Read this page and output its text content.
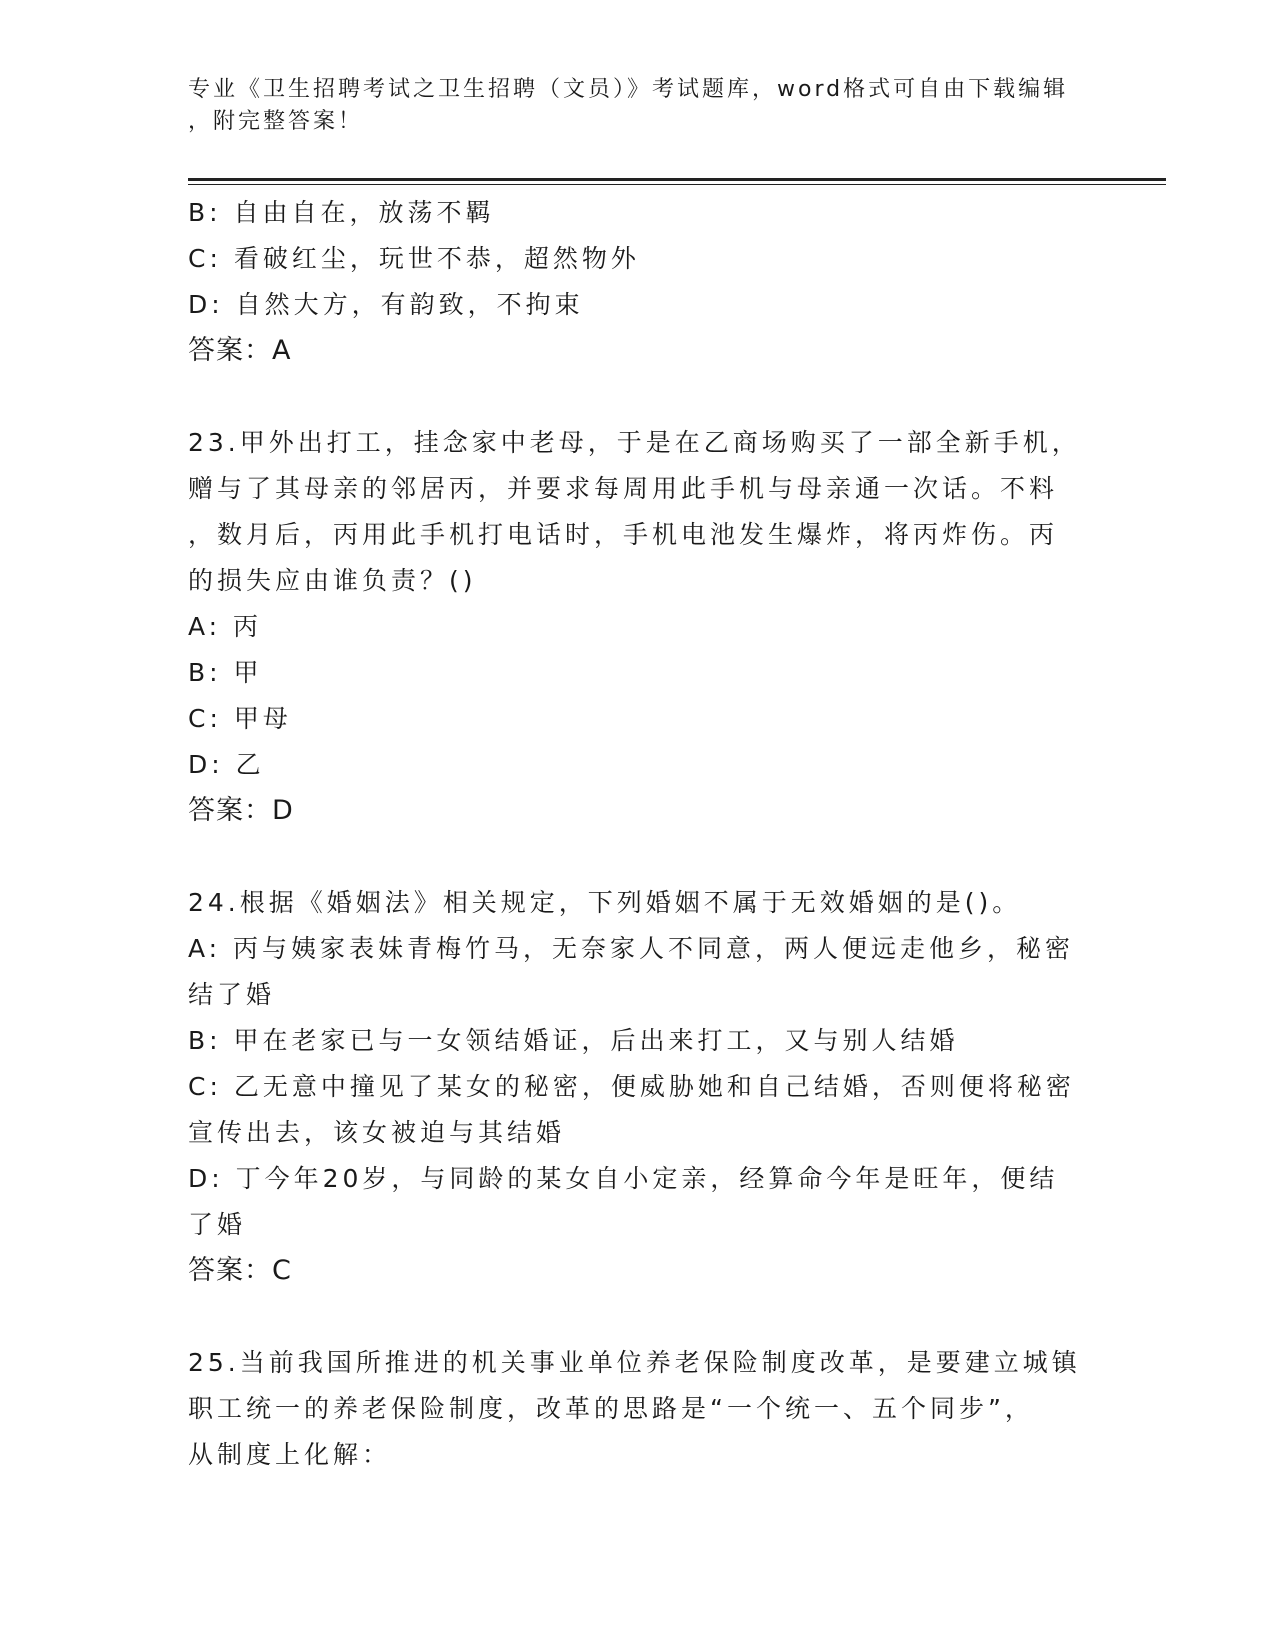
专业《卫生招聘考试之卫生招聘（文员）》考试题库，word格式可自由下载编辑
，附完整答案！

B: 自由自在，放荡不羁

C: 看破红尘，玩世不恭，超然物外

D: 自然大方，有韵致，不拘束

答案：A

23.甲外出打工，挂念家中老母，于是在乙商场购买了一部全新手机，

赠与了其母亲的邻居丙，并要求每周用此手机与母亲通一次话。不料

，数月后，丙用此手机打电话时，手机电池发生爆炸，将丙炸伤。丙

的损失应由谁负责？()

A: 丙

B: 甲

C: 甲母

D: 乙

答案：D

24.根据《婚姻法》相关规定，下列婚姻不属于无效婚姻的是()。

A: 丙与姨家表妹青梅竹马，无奈家人不同意，两人便远走他乡，秘密

结了婚

B: 甲在老家已与一女领结婚证，后出来打工，又与别人结婚

C: 乙无意中撞见了某女的秘密，便威胁她和自己结婚，否则便将秘密

宣传出去，该女被迫与其结婚

D: 丁今年20岁，与同龄的某女自小定亲，经算命今年是旺年，便结

了婚

答案：C

25.当前我国所推进的机关事业单位养老保险制度改革，是要建立城镇

职工统一的养老保险制度，改革的思路是“一个统一、五个同步”，

从制度上化解：
